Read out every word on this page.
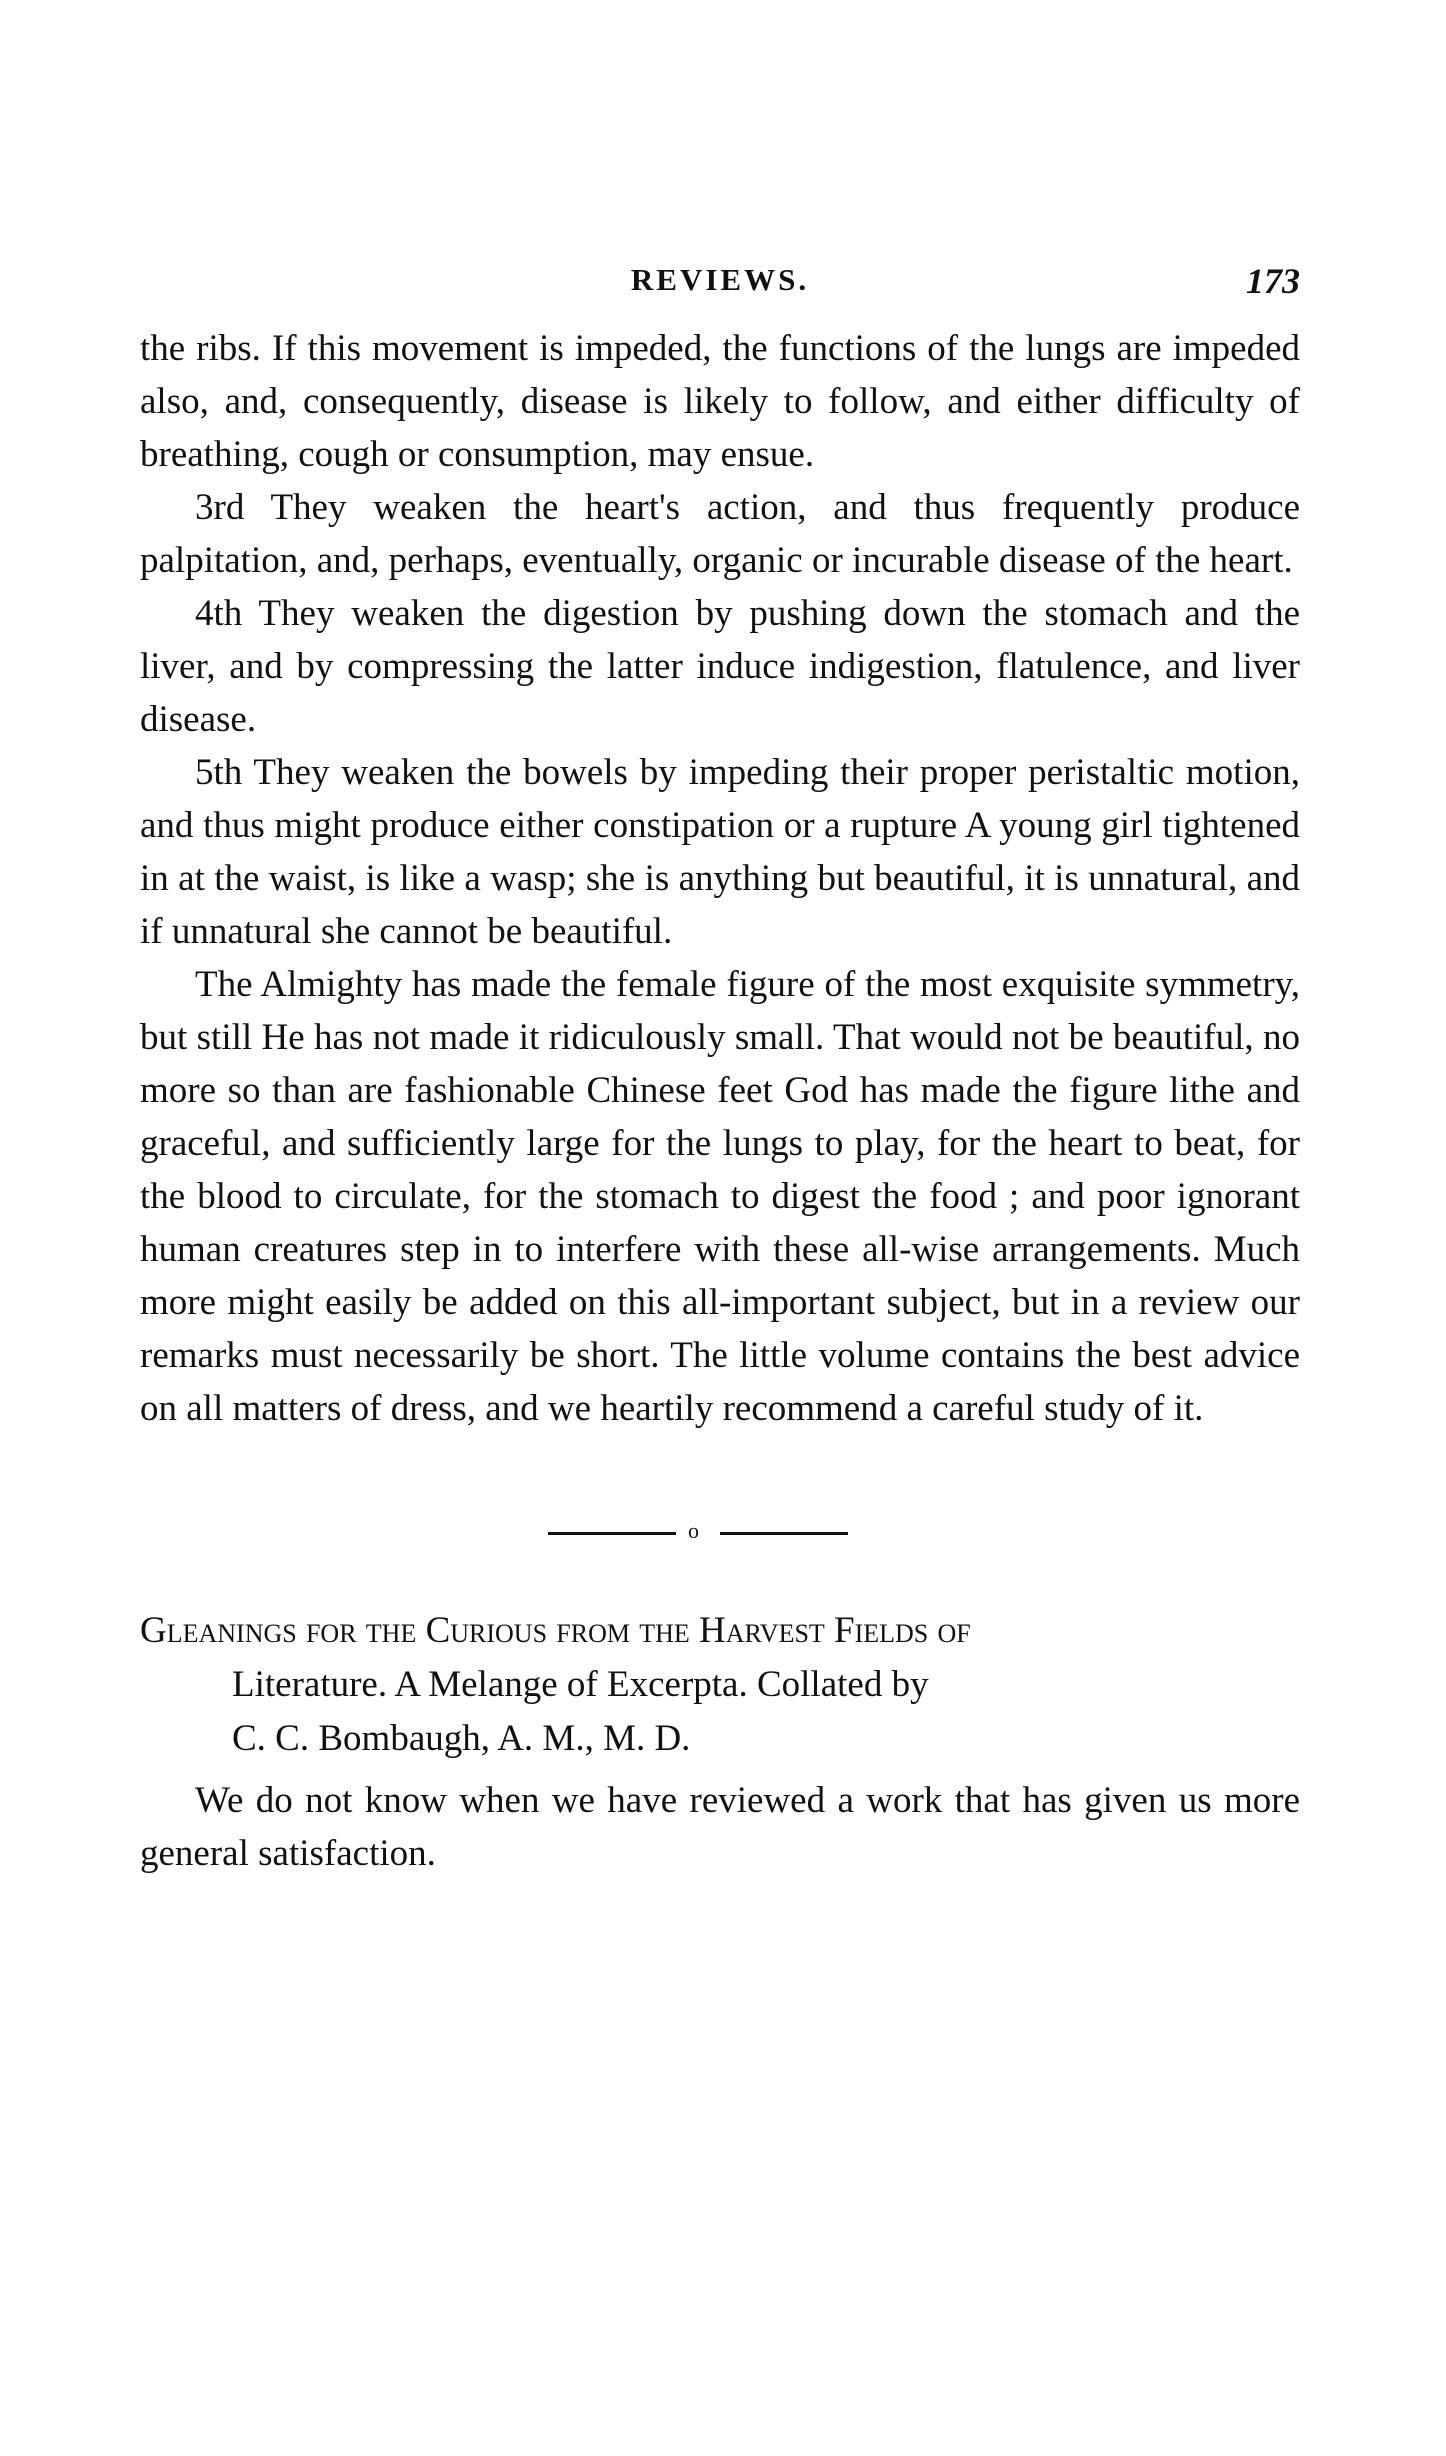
REVIEWS.	173

the ribs. If this movement is impeded, the functions of the lungs are impeded also, and, consequently, disease is likely to follow, and either difficulty of breathing, cough or consumption, may ensue.

3rd They weaken the heart's action, and thus frequently produce palpitation, and, perhaps, eventually, organic or incurable disease of the heart.

4th They weaken the digestion by pushing down the stomach and the liver, and by compressing the latter induce indigestion, flatulence, and liver disease.

5th They weaken the bowels by impeding their proper peristaltic motion, and thus might produce either constipation or a rupture A young girl tightened in at the waist, is like a wasp; she is anything but beautiful, it is unnatural, and if unnatural she cannot be beautiful.

The Almighty has made the female figure of the most exquisite symmetry, but still He has not made it ridiculously small. That would not be beautiful, no more so than are fashionable Chinese feet God has made the figure lithe and graceful, and sufficiently large for the lungs to play, for the heart to beat, for the blood to circulate, for the stomach to digest the food ; and poor ignorant human creatures step in to interfere with these all-wise arrangements. Much more might easily be added on this all-important subject, but in a review our remarks must necessarily be short. The little volume contains the best advice on all matters of dress, and we heartily recommend a careful study of it.

o
Gleanings for the Curious from the Harvest Fields of
Literature. A Melange of Excerpta. Collated by
C. C. Bombaugh, A. M., M. D.

We do not know when we have reviewed a work that has given us more general satisfaction.
